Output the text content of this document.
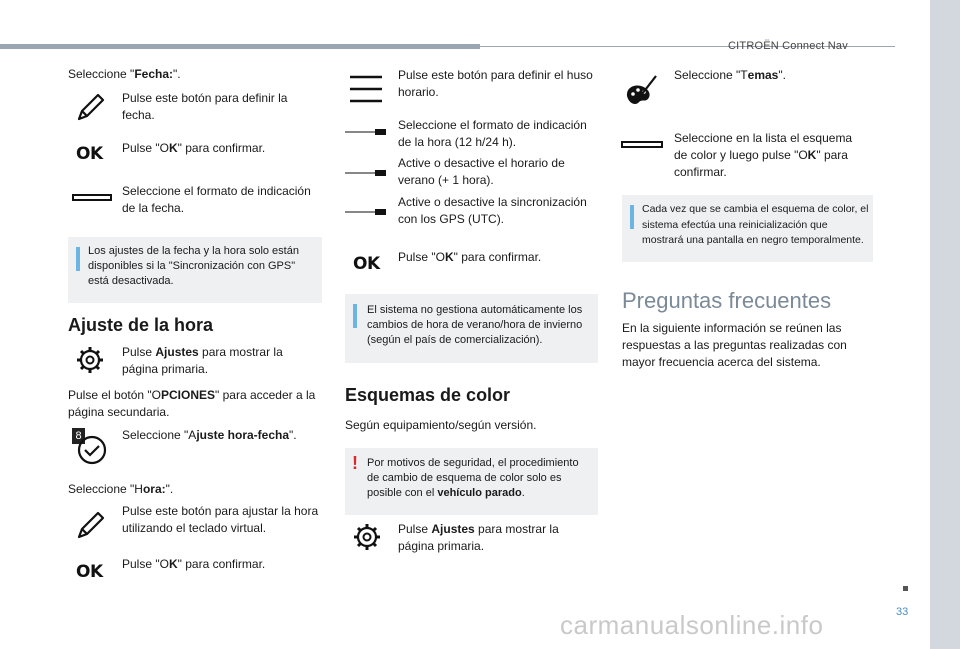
CITROËN Connect Nav
33
carmanualsonline.info
Seleccione "Fecha:".
Pulse este botón para definir la fecha.
OK Pulse "OK" para confirmar.
Seleccione el formato de indicación de la fecha.
Los ajustes de la fecha y la hora solo están disponibles si la "Sincronización con GPS" está desactivada.
Ajuste de la hora
Pulse Ajustes para mostrar la página primaria.
Pulse el botón "OPCIONES" para acceder a la página secundaria.
8	Seleccione "Ajuste hora-fecha".
Seleccione "Hora:".
Pulse este botón para ajustar la hora utilizando el teclado virtual.
OK Pulse "OK" para confirmar.
Pulse este botón para definir el huso horario.
Seleccione el formato de indicación de la hora (12 h/24 h).
Active o desactive el horario de verano (+ 1 hora).
Active o desactive la sincronización con los GPS (UTC).
OK Pulse "OK" para confirmar.
El sistema no gestiona automáticamente los cambios de hora de verano/hora de invierno (según el país de comercialización).
Esquemas de color
Según equipamiento/según versión.
! Por motivos de seguridad, el procedimiento de cambio de esquema de color solo es posible con el vehículo parado.
Pulse Ajustes para mostrar la página primaria.
Seleccione "Temas".
Seleccione en la lista el esquema de color y luego pulse "OK" para confirmar.
Cada vez que se cambia el esquema de color, el sistema efectúa una reinicialización que mostrará una pantalla en negro temporalmente.
Preguntas frecuentes
En la siguiente información se reúnen las respuestas a las preguntas realizadas con mayor frecuencia acerca del sistema.
